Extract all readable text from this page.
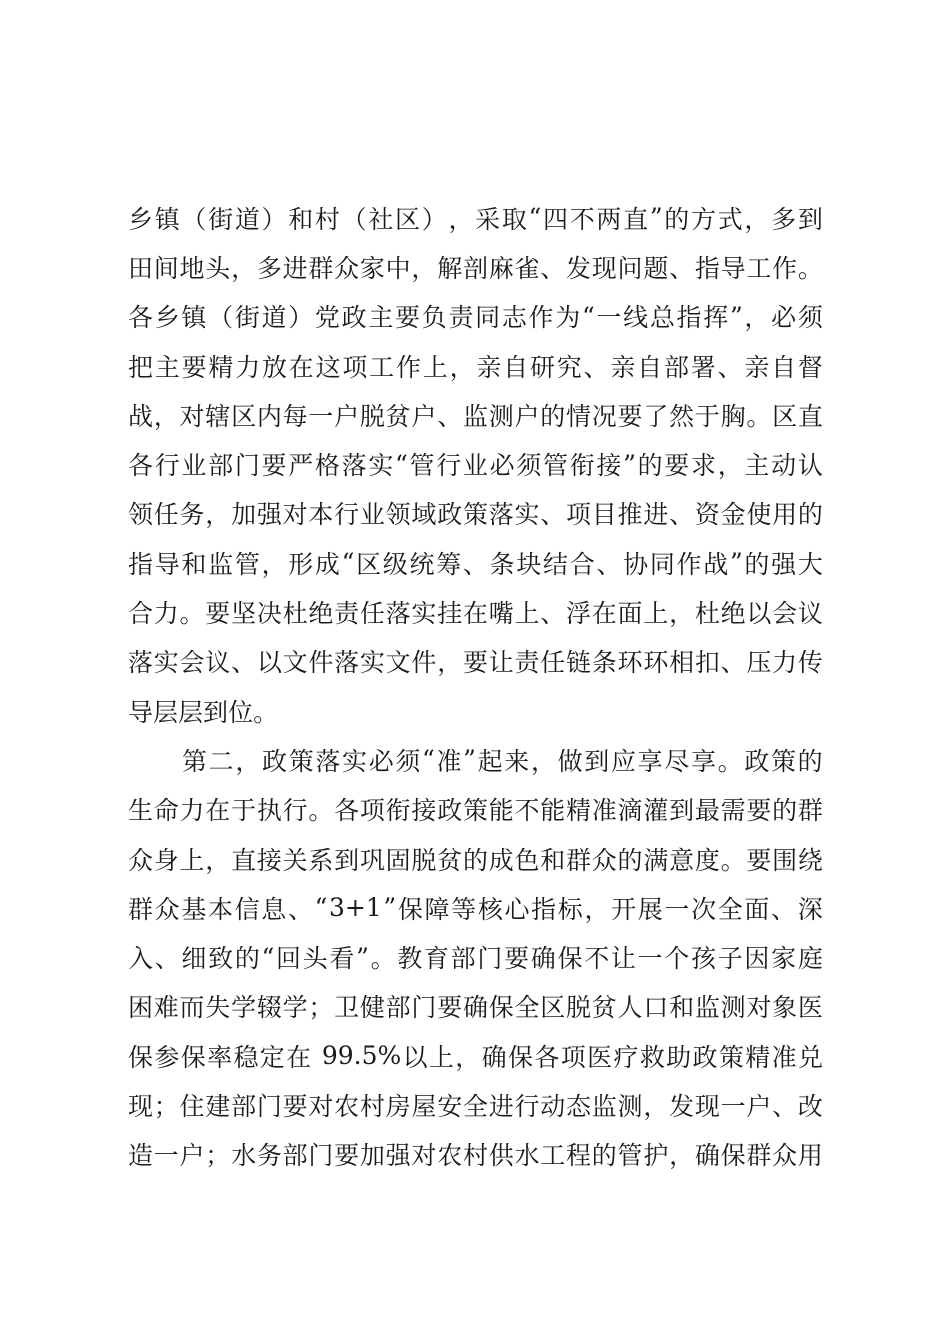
乡 镇 （ 街 道 ） 和 村 （ 社 区 ） ， 采 取 “ 四 不 两 直 ” 的 方 式 ， 多 到
田 间 地 头 ， 多 进 群 众 家 中 ， 解 剖 麻 雀 、 发 现 问 题 、 指 导 工 作 。
各 乡 镇 （ 街 道 ） 党 政 主 要 负 责 同 志 作 为 “ 一 线 总 指 挥 ” ， 必 须
把 主 要 精 力 放 在 这 项 工 作 上 ， 亲 自 研 究 、 亲 自 部 署 、 亲 自 督
战 ， 对 辖 区 内 每 一 户 脱 贫 户 、 监 测 户 的 情 况 要 了 然 于 胸 。 区 直
各 行 业 部 门 要 严 格 落 实 “ 管 行 业 必 须 管 衔 接 ” 的 要 求 ， 主 动 认
领 任 务 ， 加 强 对 本 行 业 领 域 政 策 落 实 、 项 目 推 进 、 资 金 使 用 的
指 导 和 监 管 ， 形 成 “ 区 级 统 筹 、 条 块 结 合 、 协 同 作 战 ” 的 强 大
合 力 。 要 坚 决 杜 绝 责 任 落 实 挂 在 嘴 上 、 浮 在 面 上 ， 杜 绝 以 会 议
落 实 会 议 、 以 文 件 落 实 文 件 ， 要 让 责 任 链 条 环 环 相 扣 、 压 力 传
导 层 层 到 位 。
第 二 ， 政 策 落 实 必 须 “ 准 ” 起 来 ， 做 到 应 享 尽 享 。 政 策 的
生 命 力 在 于 执 行 。 各 项 衔 接 政 策 能 不 能 精 准 滴 灌 到 最 需 要 的 群
众 身 上 ， 直 接 关 系 到 巩 固 脱 贫 的 成 色 和 群 众 的 满 意 度 。 要 围 绕
群 众 基 本 信 息 、 “ 3+1 ” 保 障 等 核 心 指 标 ， 开 展 一 次 全 面 、 深
入 、 细 致 的 “ 回 头 看 ” 。 教 育 部 门 要 确 保 不 让 一 个 孩 子 因 家 庭
困 难 而 失 学 辍 学 ； 卫 健 部 门 要 确 保 全 区 脱 贫 人 口 和 监 测 对 象 医
保 参 保 率 稳 定 在
99.5% 以 上 ， 确 保 各 项 医 疗 救 助 政 策 精 准 兑
现 ； 住 建 部 门 要 对 农 村 房 屋 安 全 进 行 动 态 监 测 ， 发 现 一 户 、 改
造 一 户 ； 水 务 部 门 要 加 强 对 农 村 供 水 工 程 的 管 护 ， 确 保 群 众 用
